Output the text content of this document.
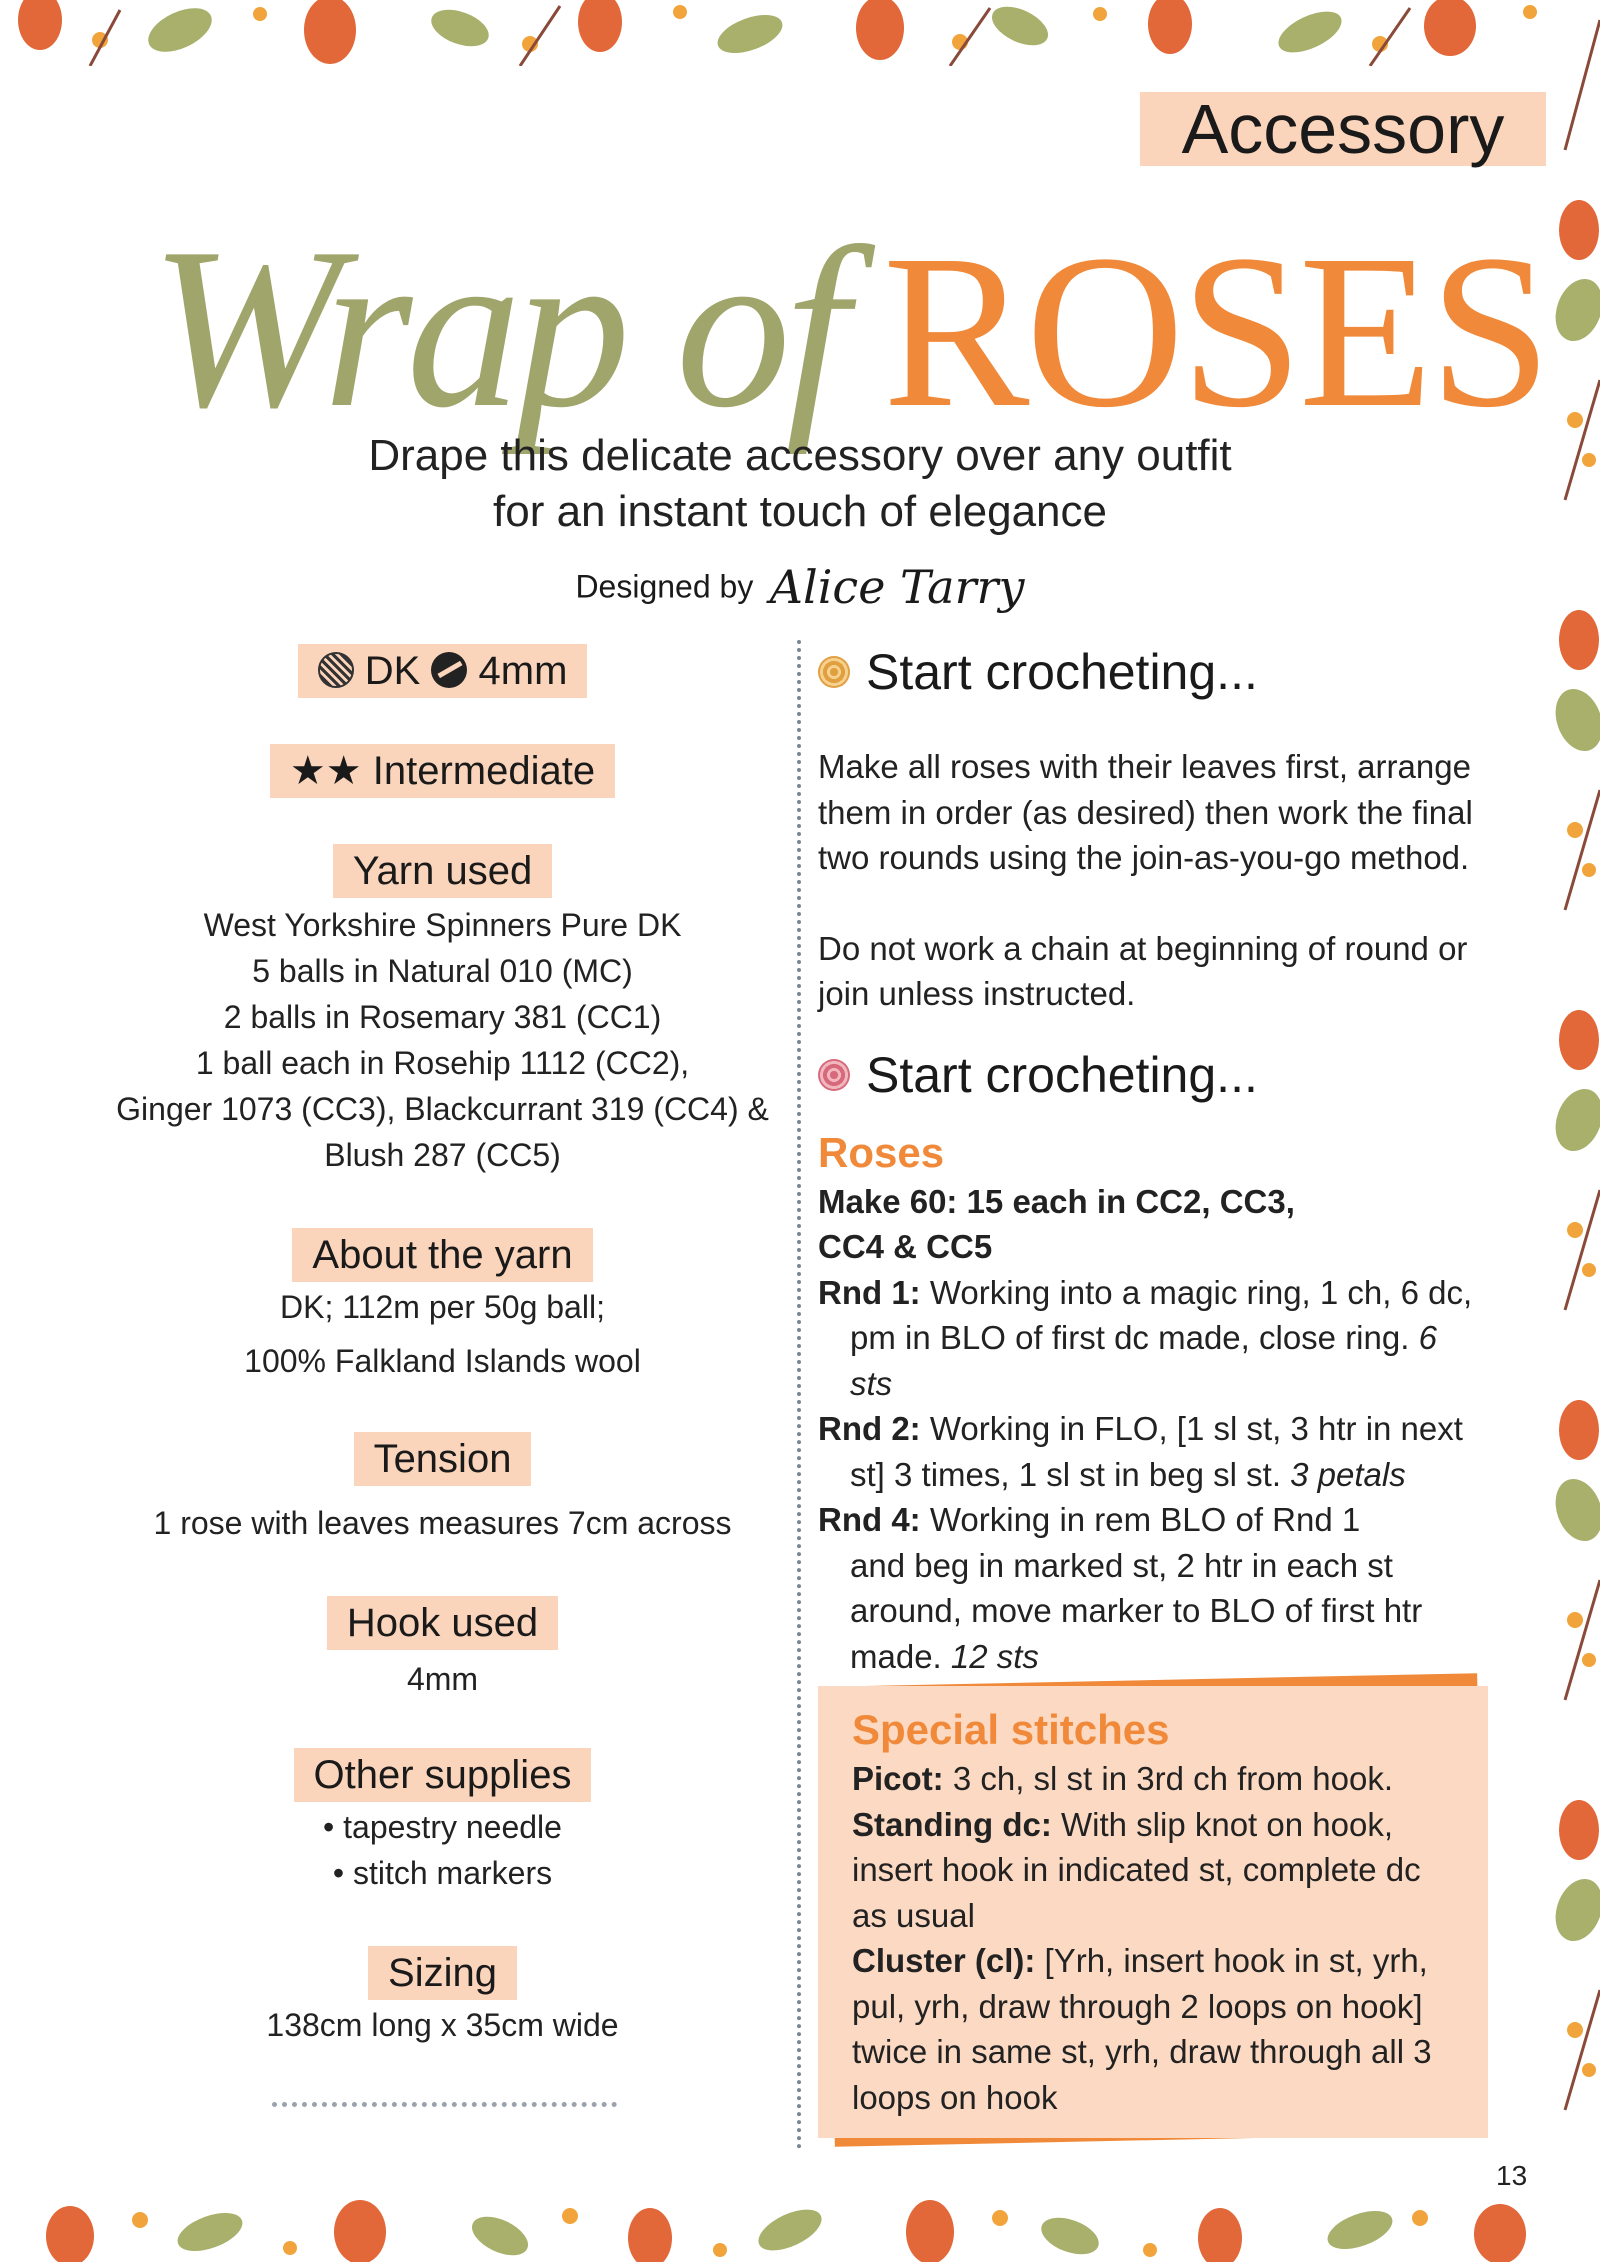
Accessory
Wrap of ROSES
Drape this delicate accessory over any outfit
for an instant touch of elegance
Designed by Alice Tarry
DK 4mm
★★ Intermediate
Yarn used
West Yorkshire Spinners Pure DK
5 balls in Natural 010 (MC)
2 balls in Rosemary 381 (CC1)
1 ball each in Rosehip 1112 (CC2),
Ginger 1073 (CC3), Blackcurrant 319 (CC4) &
Blush 287 (CC5)
About the yarn
DK; 112m per 50g ball;
100% Falkland Islands wool
Tension
1 rose with leaves measures 7cm across
Hook used
4mm
Other supplies
• tapestry needle
• stitch markers
Sizing
138cm long x 35cm wide
Start crocheting...

Make all roses with their leaves first, arrange them in order (as desired) then work the final two rounds using the join-as-you-go method.

Do not work a chain at beginning of round or join unless instructed.

Start crocheting...
Roses
Make 60: 15 each in CC2, CC3,
CC4 & CC5
Rnd 1: Working into a magic ring, 1 ch, 6 dc,
pm in BLO of first dc made, close ring. 6 sts
Rnd 2: Working in FLO, [1 sl st, 3 htr in next
st] 3 times, 1 sl st in beg sl st. 3 petals
Rnd 4: Working in rem BLO of Rnd 1
and beg in marked st, 2 htr in each st
around, move marker to BLO of first htr
made. 12 sts
Special stitches
Picot: 3 ch, sl st in 3rd ch from hook.
Standing dc: With slip knot on hook,
insert hook in indicated st, complete dc
as usual
Cluster (cl): [Yrh, insert hook in st, yrh,
pul, yrh, draw through 2 loops on hook]
twice in same st, yrh, draw through all 3
loops on hook
13
